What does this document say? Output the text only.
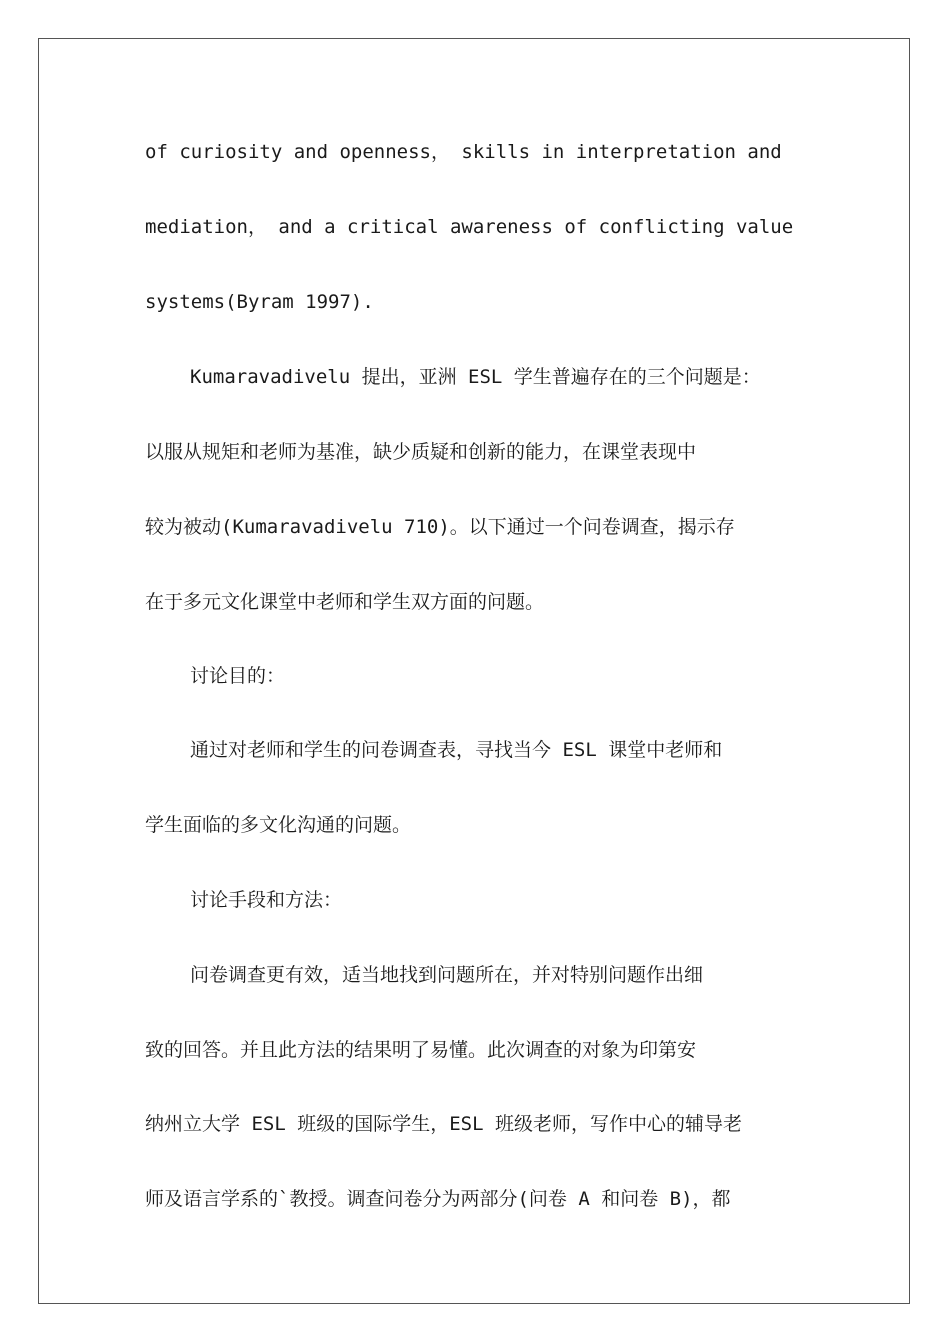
of curiosity and openness， skills in interpretation and
mediation， and a critical awareness of conflicting value
systems(Byram 1997).
Kumaravadivelu 提出，亚洲 ESL 学生普遍存在的三个问题是：
以服从规矩和老师为基准，缺少质疑和创新的能力，在课堂表现中
较为被动(Kumaravadivelu 710)。以下通过一个问卷调查，揭示存
在于多元文化课堂中老师和学生双方面的问题。
讨论目的：
通过对老师和学生的问卷调查表，寻找当今 ESL 课堂中老师和
学生面临的多文化沟通的问题。
讨论手段和方法：
问卷调查更有效，适当地找到问题所在，并对特别问题作出细
致的回答。并且此方法的结果明了易懂。此次调查的对象为印第安
纳州立大学 ESL 班级的国际学生，ESL 班级老师，写作中心的辅导老
师及语言学系的`教授。调查问卷分为两部分(问卷 A 和问卷 B)，都
